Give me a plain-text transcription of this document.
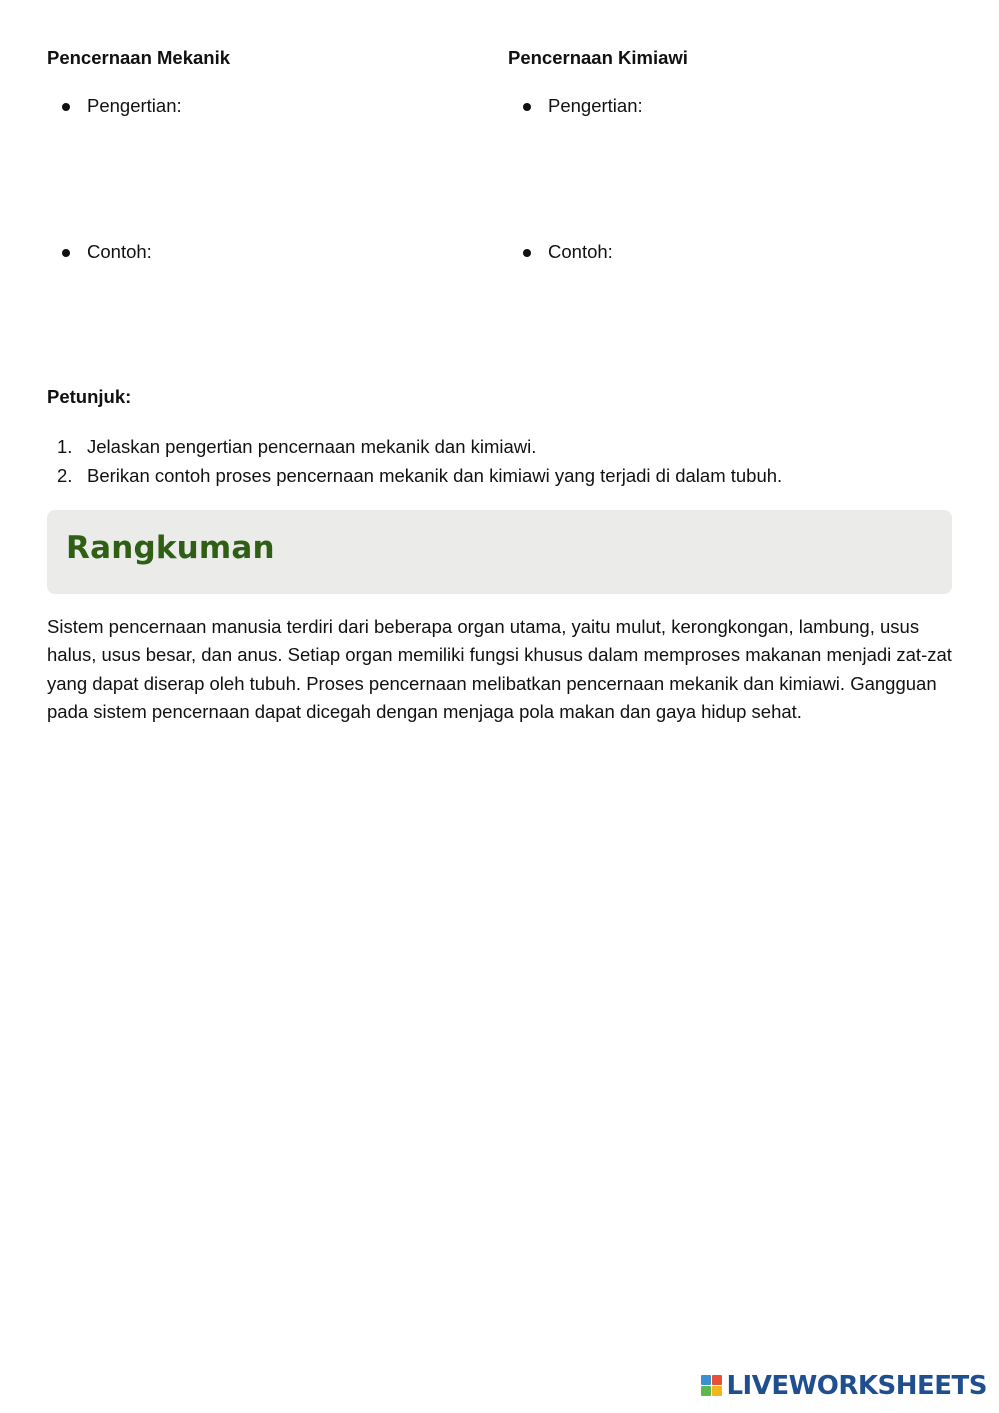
Pencernaan Mekanik
Pengertian:
Contoh:
Pencernaan Kimiawi
Pengertian:
Contoh:
Petunjuk:
1. Jelaskan pengertian pencernaan mekanik dan kimiawi.
2. Berikan contoh proses pencernaan mekanik dan kimiawi yang terjadi di dalam tubuh.
Rangkuman

Sistem pencernaan manusia terdiri dari beberapa organ utama, yaitu mulut, kerongkongan, lambung, usus halus, usus besar, dan anus. Setiap organ memiliki fungsi khusus dalam memproses makanan menjadi zat-zat yang dapat diserap oleh tubuh. Proses pencernaan melibatkan pencernaan mekanik dan kimiawi. Gangguan pada sistem pencernaan dapat dicegah dengan menjaga pola makan dan gaya hidup sehat.

LIVEWORKSHEETS
